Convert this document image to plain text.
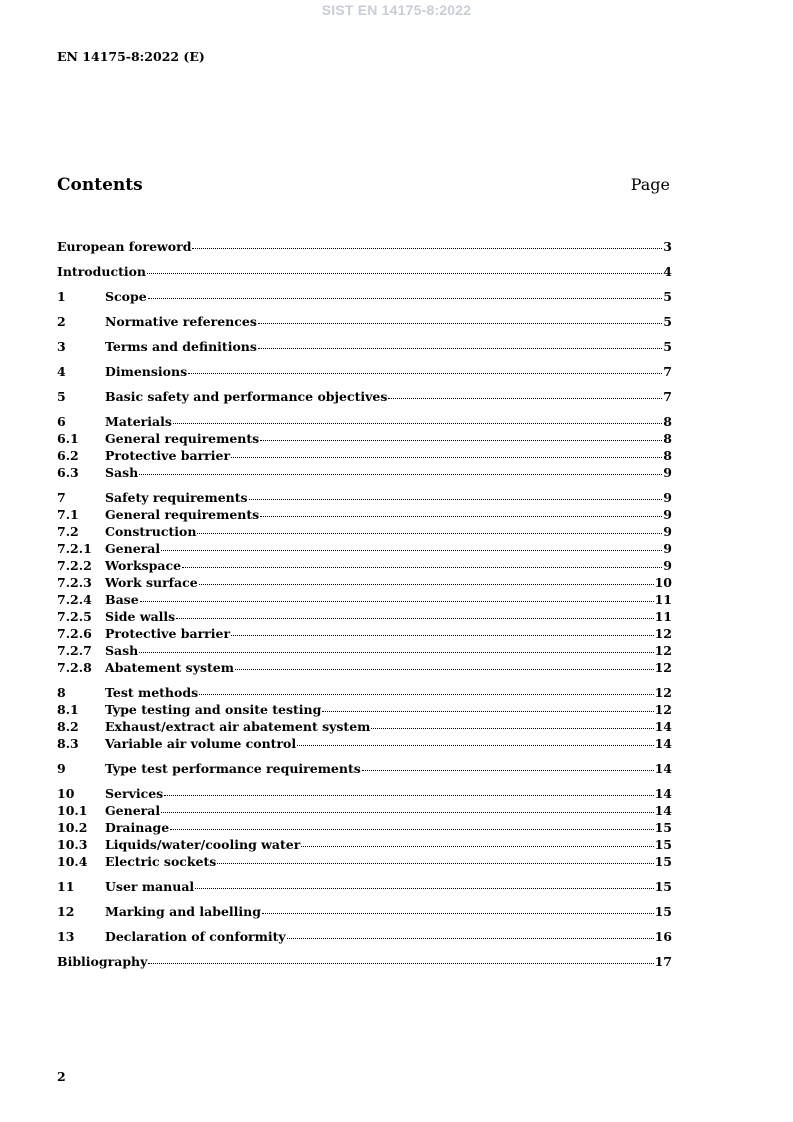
SIST EN 14175-8:2022
EN 14175-8:2022 (E)
Contents	Page
European foreword	3
Introduction	4
1	Scope	5
2	Normative references	5
3	Terms and definitions	5
4	Dimensions	7
5	Basic safety and performance objectives	7
6	Materials	8
6.1	General requirements	8
6.2	Protective barrier	8
6.3	Sash	9
7	Safety requirements	9
7.1	General requirements	9
7.2	Construction	9
7.2.1	General	9
7.2.2	Workspace	9
7.2.3	Work surface	10
7.2.4	Base	11
7.2.5	Side walls	11
7.2.6	Protective barrier	12
7.2.7	Sash	12
7.2.8	Abatement system	12
8	Test methods	12
8.1	Type testing and onsite testing	12
8.2	Exhaust/extract air abatement system	14
8.3	Variable air volume control	14
9	Type test performance requirements	14
10	Services	14
10.1	General	14
10.2	Drainage	15
10.3	Liquids/water/cooling water	15
10.4	Electric sockets	15
11	User manual	15
12	Marking and labelling	15
13	Declaration of conformity	16
Bibliography	17
2
